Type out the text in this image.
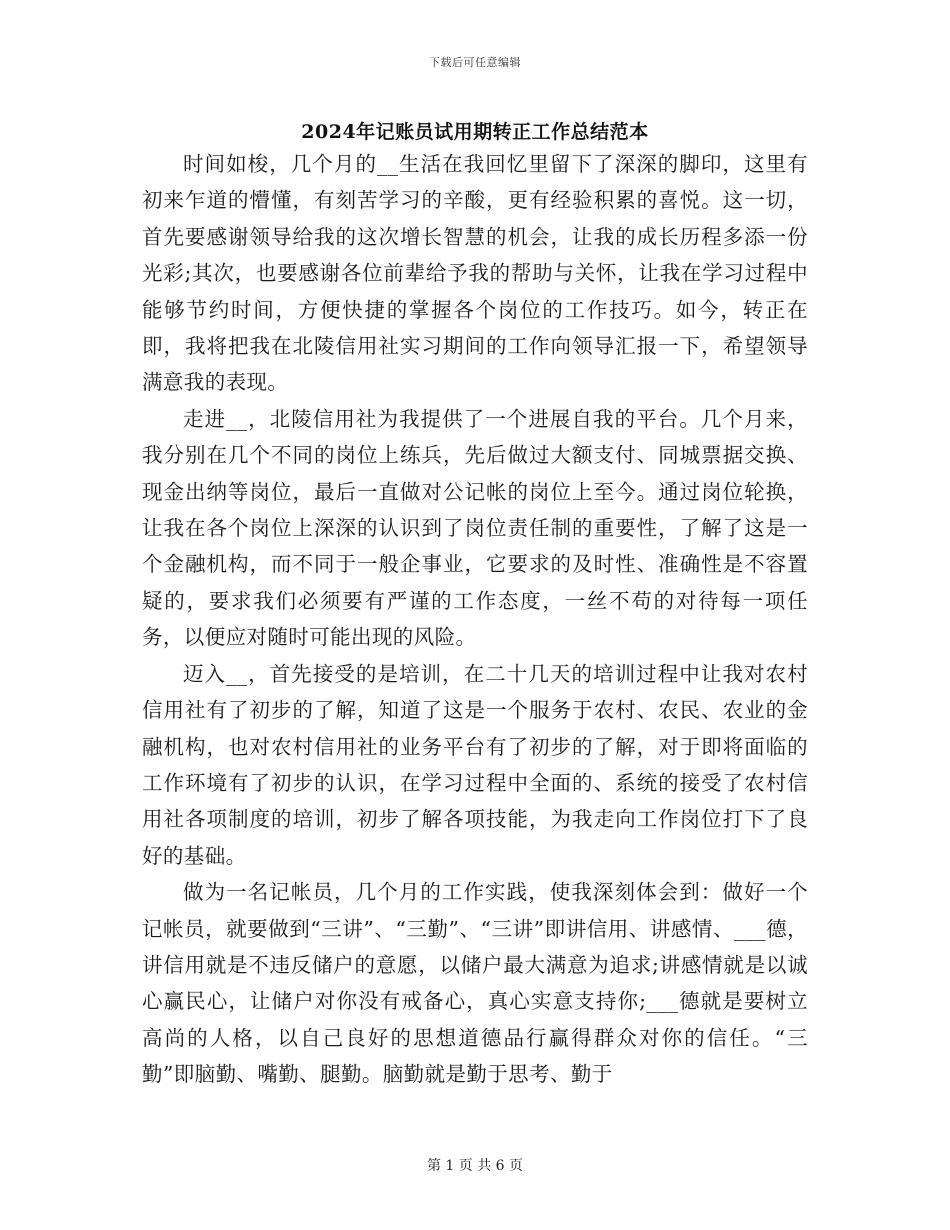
下载后可任意编辑
2024年记账员试用期转正工作总结范本

时间如梭，几个月的__生活在我回忆里留下了深深的脚印，这里有初来乍道的懵懂，有刻苦学习的辛酸，更有经验积累的喜悦。这一切，首先要感谢领导给我的这次增长智慧的机会，让我的成长历程多添一份光彩;其次，也要感谢各位前辈给予我的帮助与关怀，让我在学习过程中能够节约时间，方便快捷的掌握各个岗位的工作技巧。如今，转正在即，我将把我在北陵信用社实习期间的工作向领导汇报一下，希望领导满意我的表现。

走进__，北陵信用社为我提供了一个进展自我的平台。几个月来，我分别在几个不同的岗位上练兵，先后做过大额支付、同城票据交换、现金出纳等岗位，最后一直做对公记帐的岗位上至今。通过岗位轮换，让我在各个岗位上深深的认识到了岗位责任制的重要性，了解了这是一个金融机构，而不同于一般企事业，它要求的及时性、准确性是不容置疑的，要求我们必须要有严谨的工作态度，一丝不苟的对待每一项任务，以便应对随时可能出现的风险。

迈入__，首先接受的是培训，在二十几天的培训过程中让我对农村信用社有了初步的了解，知道了这是一个服务于农村、农民、农业的金融机构，也对农村信用社的业务平台有了初步的了解，对于即将面临的工作环境有了初步的认识，在学习过程中全面的、系统的接受了农村信用社各项制度的培训，初步了解各项技能，为我走向工作岗位打下了良好的基础。

做为一名记帐员，几个月的工作实践，使我深刻体会到：做好一个记帐员，就要做到“三讲”、“三勤”、“三讲”即讲信用、讲感情、___德，讲信用就是不违反储户的意愿，以储户最大满意为追求;讲感情就是以诚心赢民心，让储户对你没有戒备心，真心实意支持你;___德就是要树立高尚的人格，以自己良好的思想道德品行赢得群众对你的信任。“三勤”即脑勤、嘴勤、腿勤。脑勤就是勤于思考、勤于

第 1 页 共 6 页
